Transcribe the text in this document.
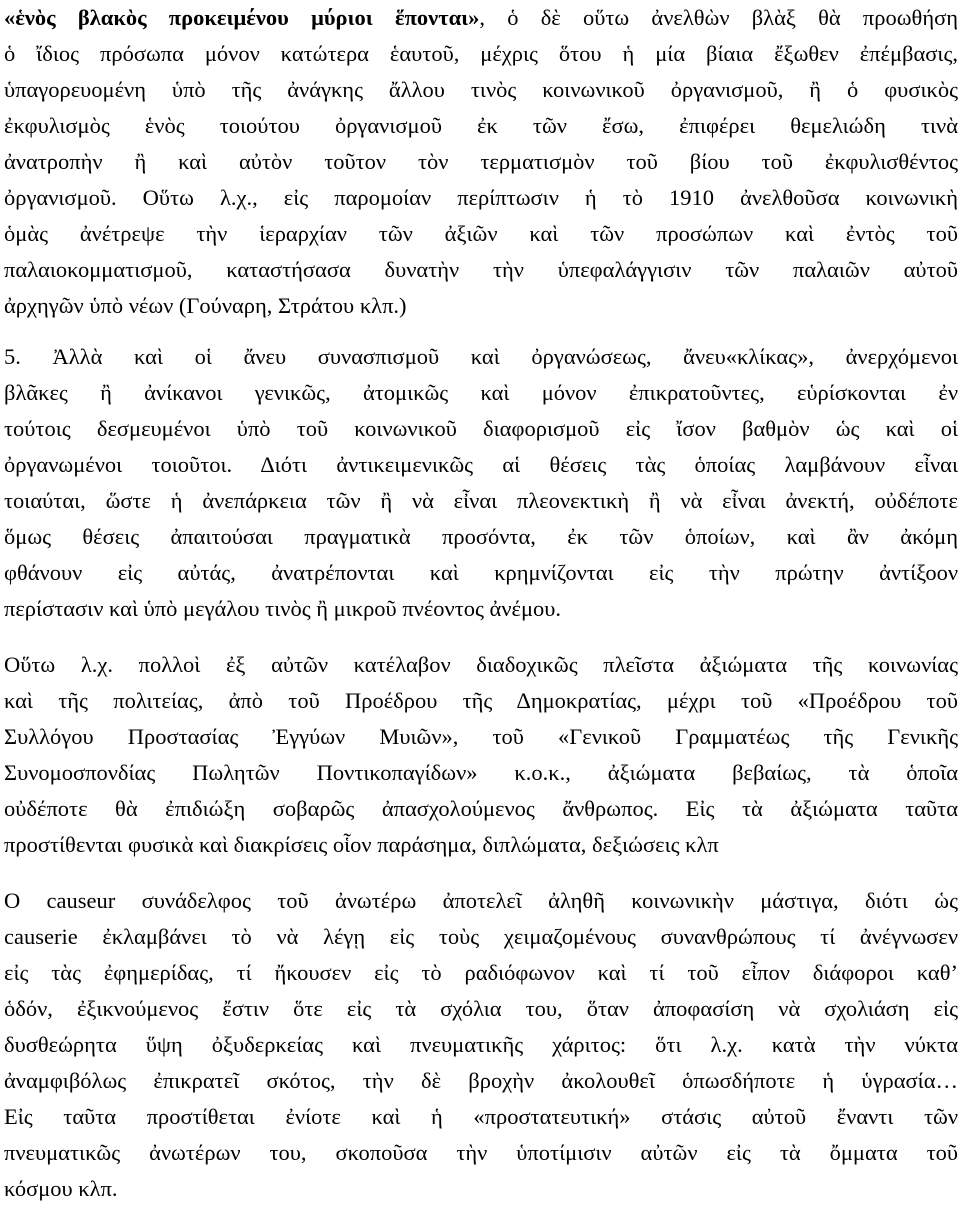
«ἑνὸς βλακὸς προκειμένου μύριοι ἕπονται», ὁ δὲ οὕτω ἀνελθὼν βλὰξ θὰ προωθήση
ὁ ἴδιος πρόσωπα μόνον κατώτερα ἑαυτοῦ, μέχρις ὅτου ἡ μία βίαια ἔξωθεν ἐπέμβασις,
ὑπαγορευομένη ὑπὸ τῆς ἀνάγκης ἄλλου τινὸς κοινωνικοῦ ὀργανισμοῦ, ἢ ὁ φυσικὸς
ἐκφυλισμὸς ἑνὸς τοιούτου ὀργανισμοῦ ἐκ τῶν ἔσω, ἐπιφέρει θεμελιώδη τινὰ
ἀνατροπὴν ἢ καὶ αὐτὸν τοῦτον τὸν τερματισμὸν τοῦ βίου τοῦ ἐκφυλισθέντος
ὀργανισμοῦ. Οὕτω λ.χ., εἰς παρομοίαν περίπτωσιν ἡ τὸ 1910 ἀνελθοῦσα κοινωνικὴ
ὁμὰς ἀνέτρεψε τὴν ἱεραρχίαν τῶν ἀξιῶν καὶ τῶν προσώπων καὶ ἐντὸς τοῦ
παλαιοκομματισμοῦ, καταστήσασα δυνατὴν τὴν ὑπεφαλάγγισιν τῶν παλαιῶν αὐτοῦ
ἀρχηγῶν ὑπὸ νέων (Γούναρη, Στράτου κλπ.)
5. Ἀλλὰ καὶ οἱ ἄνευ συνασπισμοῦ καὶ ὀργανώσεως, ἄνευ«κλίκας», ἀνερχόμενοι
βλᾶκες ἢ ἀνίκανοι γενικῶς, ἀτομικῶς καὶ μόνον ἐπικρατοῦντες, εὑρίσκονται ἐν
τούτοις δεσμευμένοι ὑπὸ τοῦ κοινωνικοῦ διαφορισμοῦ εἰς ἴσον βαθμὸν ὡς καὶ οἱ
ὀργανωμένοι τοιοῦτοι. Διότι ἀντικειμενικῶς αἱ θέσεις τὰς ὁποίας λαμβάνουν εἶναι
τοιαύται, ὥστε ἡ ἀνεπάρκεια τῶν ἢ νὰ εἶναι πλεονεκτικὴ ἢ νὰ εἶναι ἀνεκτή, οὐδέποτε
ὅμως θέσεις ἀπαιτούσαι πραγματικὰ προσόντα, ἐκ τῶν ὁποίων, καὶ ἂν ἀκόμη
φθάνουν εἰς αὐτάς, ἀνατρέπονται καὶ κρημνίζονται εἰς τὴν πρώτην ἀντίξοον
περίστασιν καὶ ὑπὸ μεγάλου τινὸς ἢ μικροῦ πνέοντος ἀνέμου.
Οὕτω λ.χ. πολλοὶ ἐξ αὐτῶν κατέλαβον διαδοχικῶς πλεῖστα ἀξιώματα τῆς κοινωνίας
καὶ τῆς πολιτείας, ἀπὸ τοῦ Προέδρου τῆς Δημοκρατίας, μέχρι τοῦ «Προέδρου τοῦ
Συλλόγου Προστασίας Ἐγγύων Μυιῶν», τοῦ «Γενικοῦ Γραμματέως τῆς Γενικῆς
Συνομοσπονδίας Πωλητῶν Ποντικοπαγίδων» κ.ο.κ., ἀξιώματα βεβαίως, τὰ ὁποῖα
οὐδέποτε θὰ ἐπιδιώξη σοβαρῶς ἀπασχολούμενος ἄνθρωπος. Εἰς τὰ ἀξιώματα ταῦτα
προστίθενται φυσικὰ καὶ διακρίσεις οἷον παράσημα, διπλώματα, δεξιώσεις κλπ
Ο causeur συνάδελφος τοῦ ἀνωτέρω ἀποτελεῖ ἀληθῆ κοινωνικὴν μάστιγα, διότι ὡς
causerie ἐκλαμβάνει τὸ νὰ λέγῃ εἰς τοὺς χειμαζομένους συνανθρώπους τί ἀνέγνωσεν
εἰς τὰς ἐφημερίδας, τί ἤκουσεν εἰς τὸ ραδιόφωνον καὶ τί τοῦ εἶπον διάφοροι καθ’
ὁδόν, ἐξικνούμενος ἔστιν ὅτε εἰς τὰ σχόλια του, ὅταν ἀποφασίση νὰ σχολιάση εἰς
δυσθεώρητα ὕψη ὀξυδερκείας καὶ πνευματικῆς χάριτος: ὅτι λ.χ. κατὰ τὴν νύκτα
ἀναμφιβόλως ἐπικρατεῖ σκότος, τὴν δὲ βροχὴν ἀκολουθεῖ ὁπωσδήποτε ἡ ὑγρασία…
Εἰς ταῦτα προστίθεται ἐνίοτε καὶ ἡ «προστατευτική» στάσις αὐτοῦ ἔναντι τῶν
πνευματικῶς ἀνωτέρων του, σκοποῦσα τὴν ὑποτίμισιν αὐτῶν εἰς τὰ ὄμματα τοῦ
κόσμου κλπ.
